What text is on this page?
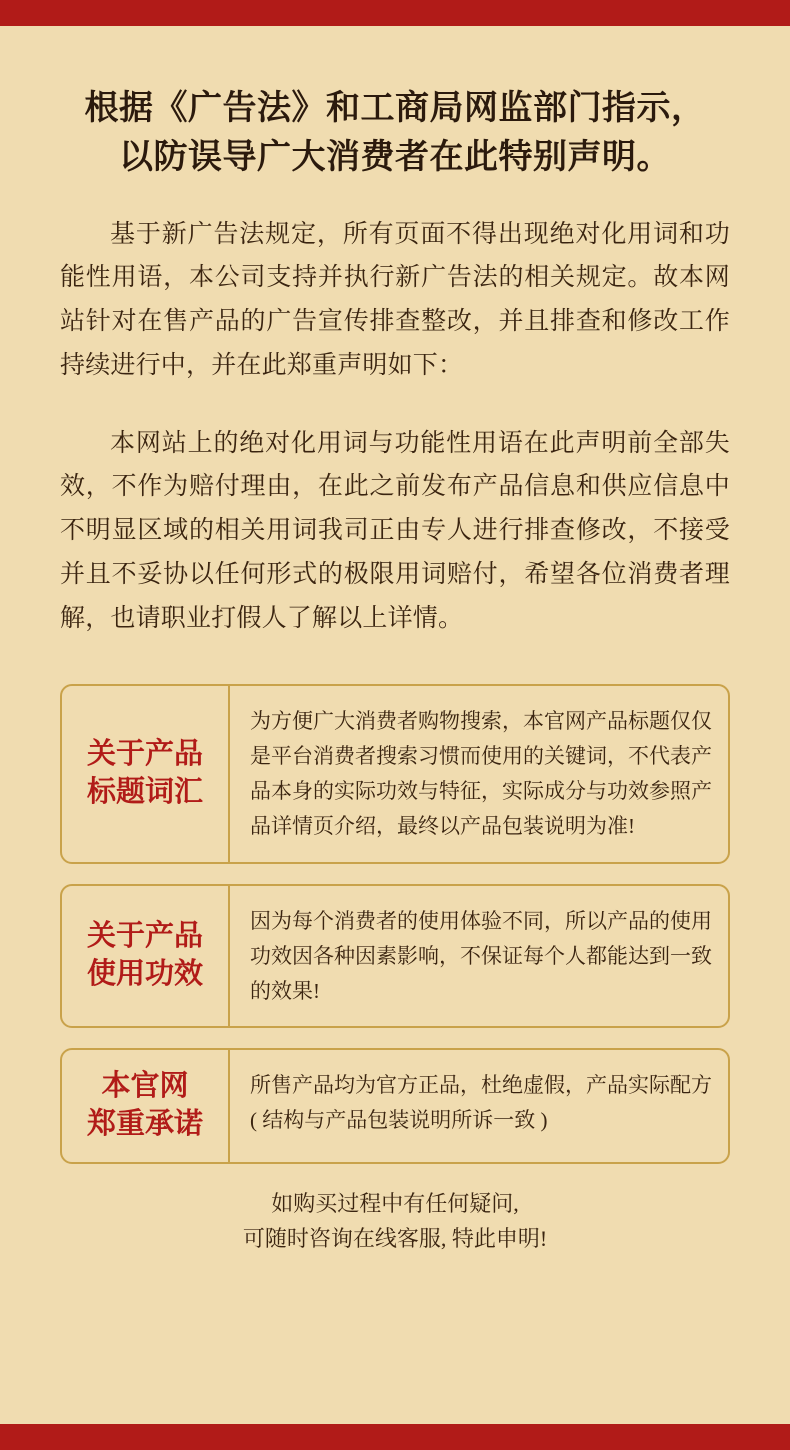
根据《广告法》和工商局网监部门指示，
以防误导广大消费者在此特别声明。

基于新广告法规定，所有页面不得出现绝对化用词和功能性用语，本公司支持并执行新广告法的相关规定。故本网站针对在售产品的广告宣传排查整改，并且排查和修改工作持续进行中，并在此郑重声明如下：

本网站上的绝对化用词与功能性用语在此声明前全部失效，不作为赔付理由，在此之前发布产品信息和供应信息中不明显区域的相关用词我司正由专人进行排查修改，不接受并且不妥协以任何形式的极限用词赔付，希望各位消费者理解，也请职业打假人了解以上详情。

关于产品
标题词汇
为方便广大消费者购物搜索，本官网产品标题仅仅是平台消费者搜索习惯而使用的关键词，不代表产品本身的实际功效与特征，实际成分与功效参照产品详情页介绍，最终以产品包装说明为准!
关于产品
使用功效
因为每个消费者的使用体验不同，所以产品的使用功效因各种因素影响，不保证每个人都能达到一致的效果!
本官网
郑重承诺
所售产品均为官方正品，杜绝虚假，产品实际配方( 结构与产品包装说明所诉一致 )
如购买过程中有任何疑问,
可随时咨询在线客服, 特此申明!
